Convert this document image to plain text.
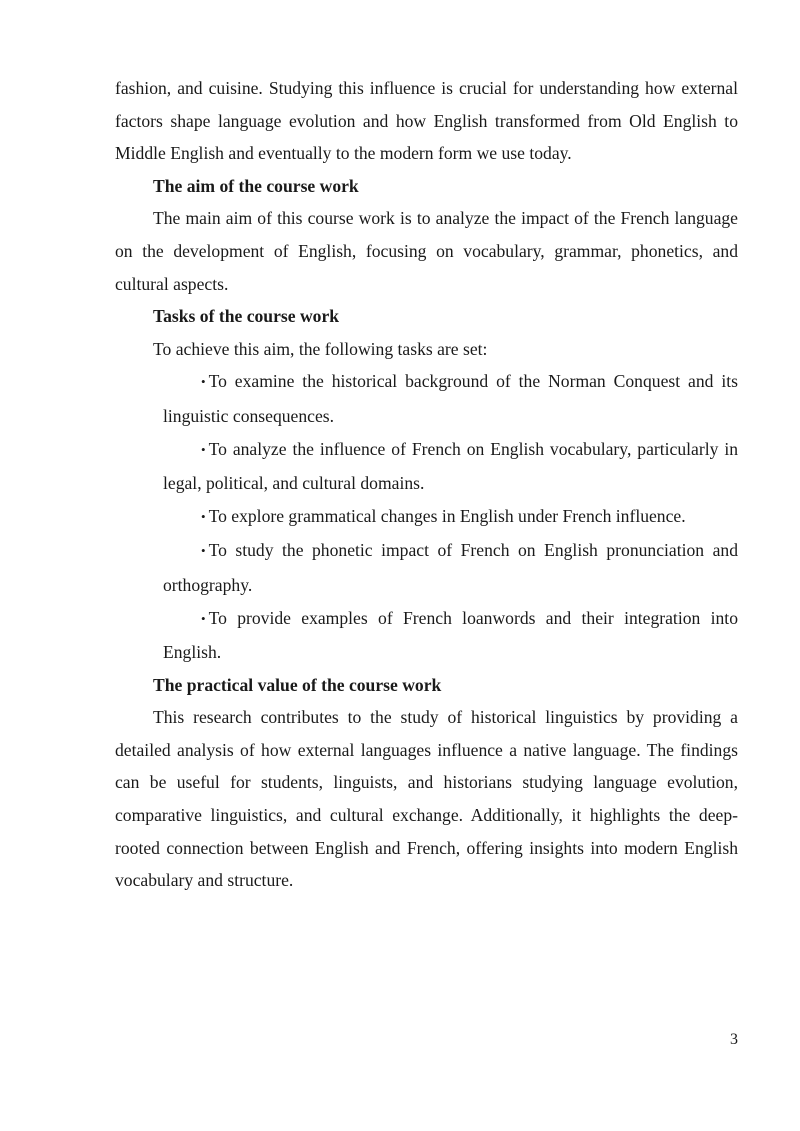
fashion, and cuisine. Studying this influence is crucial for understanding how external factors shape language evolution and how English transformed from Old English to Middle English and eventually to the modern form we use today.

The aim of the course work

The main aim of this course work is to analyze the impact of the French language on the development of English, focusing on vocabulary, grammar, phonetics, and cultural aspects.

Tasks of the course work

To achieve this aim, the following tasks are set:

• To examine the historical background of the Norman Conquest and its linguistic consequences.

• To analyze the influence of French on English vocabulary, particularly in legal, political, and cultural domains.

• To explore grammatical changes in English under French influence.

• To study the phonetic impact of French on English pronunciation and orthography.

• To provide examples of French loanwords and their integration into English.

The practical value of the course work

This research contributes to the study of historical linguistics by providing a detailed analysis of how external languages influence a native language. The findings can be useful for students, linguists, and historians studying language evolution, comparative linguistics, and cultural exchange. Additionally, it highlights the deep-rooted connection between English and French, offering insights into modern English vocabulary and structure.

3
